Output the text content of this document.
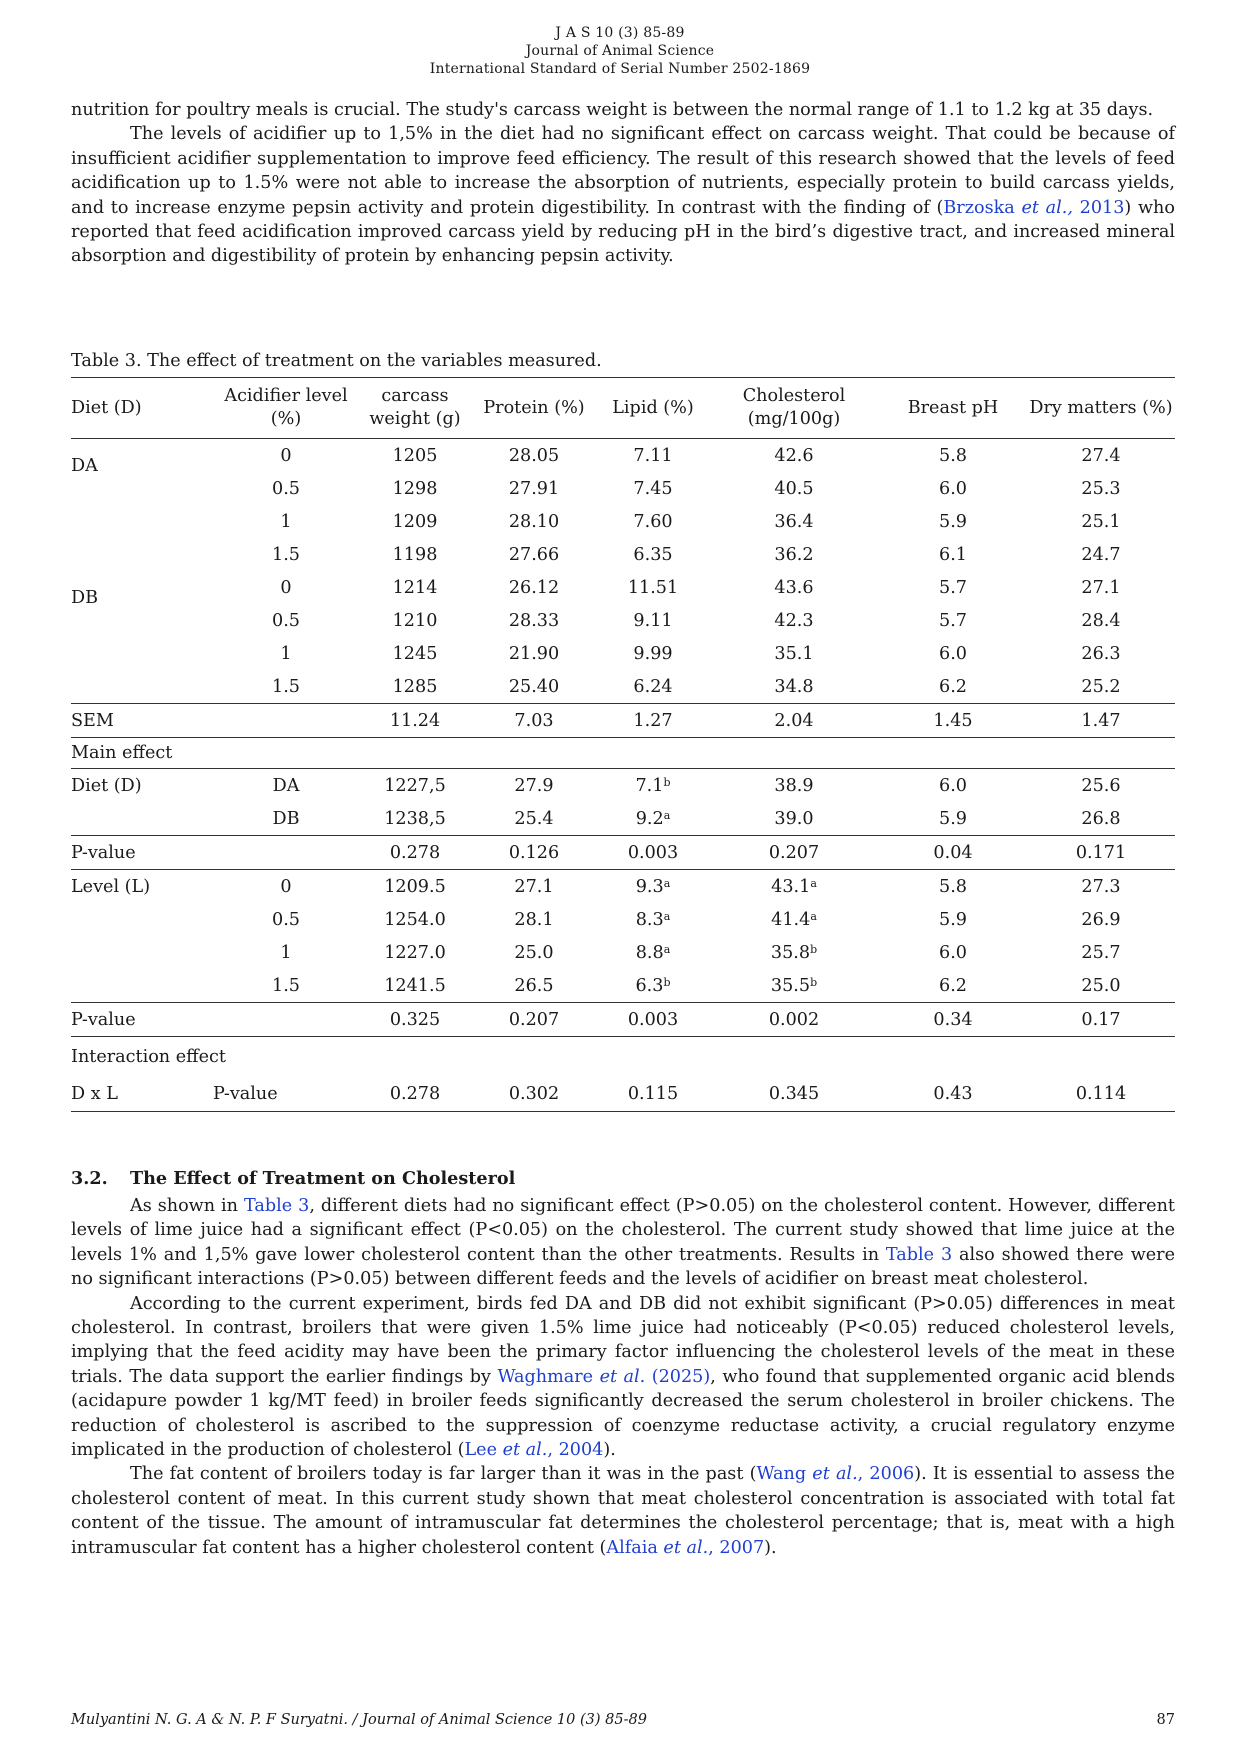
J A S 10 (3) 85-89
Journal of Animal Science
International Standard of Serial Number 2502-1869

nutrition for poultry meals is crucial. The study's carcass weight is between the normal range of 1.1 to 1.2 kg at 35 days.

The levels of acidifier up to 1,5% in the diet had no significant effect on carcass weight. That could be because of insufficient acidifier supplementation to improve feed efficiency. The result of this research showed that the levels of feed acidification up to 1.5% were not able to increase the absorption of nutrients, especially protein to build carcass yields, and to increase enzyme pepsin activity and protein digestibility. In contrast with the finding of (Brzoska et al., 2013) who reported that feed acidification improved carcass yield by reducing pH in the bird’s digestive tract, and increased mineral absorption and digestibility of protein by enhancing pepsin activity.

Table 3. The effect of treatment on the variables measured.
Diet (D)	Acidifier level (%)	carcass weight (g)	Protein (%)	Lipid (%)	Cholesterol (mg/100g)	Breast pH	Dry matters (%)
DA	0	1205	28.05	7.11	42.6	5.8	27.4
	0.5	1298	27.91	7.45	40.5	6.0	25.3
	1	1209	28.10	7.60	36.4	5.9	25.1
	1.5	1198	27.66	6.35	36.2	6.1	24.7
DB	0	1214	26.12	11.51	43.6	5.7	27.1
	0.5	1210	28.33	9.11	42.3	5.7	28.4
	1	1245	21.90	9.99	35.1	6.0	26.3
	1.5	1285	25.40	6.24	34.8	6.2	25.2
SEM		11.24	7.03	1.27	2.04	1.45	1.47
Main effect							
Diet (D)	DA	1227,5	27.9	7.1$^b$	38.9	6.0	25.6
	DB	1238,5	25.4	9.2$^a$	39.0	5.9	26.8
P-value		0.278	0.126	0.003	0.207	0.04	0.171
Level (L)	0	1209.5	27.1	9.3$^a$	43.1$^a$	5.8	27.3
	0.5	1254.0	28.1	8.3$^a$	41.4$^a$	5.9	26.9
	1	1227.0	25.0	8.8$^a$	35.8$^b$	6.0	25.7
	1.5	1241.5	26.5	6.3$^b$	35.5$^b$	6.2	25.0
P-value		0.325	0.207	0.003	0.002	0.34	0.17
Interaction effect							
D x L	P-value	0.278	0.302	0.115	0.345	0.43	0.114
3.2. The Effect of Treatment on Cholesterol

As shown in Table 3, different diets had no significant effect (P>0.05) on the cholesterol content. However, different levels of lime juice had a significant effect (P<0.05) on the cholesterol. The current study showed that lime juice at the levels 1% and 1,5% gave lower cholesterol content than the other treatments. Results in Table 3 also showed there were no significant interactions (P>0.05) between different feeds and the levels of acidifier on breast meat cholesterol.

According to the current experiment, birds fed DA and DB did not exhibit significant (P>0.05) differences in meat cholesterol. In contrast, broilers that were given 1.5% lime juice had noticeably (P<0.05) reduced cholesterol levels, implying that the feed acidity may have been the primary factor influencing the cholesterol levels of the meat in these trials. The data support the earlier findings by Waghmare et al. (2025), who found that supplemented organic acid blends (acidapure powder 1 kg/MT feed) in broiler feeds significantly decreased the serum cholesterol in broiler chickens. The reduction of cholesterol is ascribed to the suppression of coenzyme reductase activity, a crucial regulatory enzyme implicated in the production of cholesterol (Lee et al., 2004).

The fat content of broilers today is far larger than it was in the past (Wang et al., 2006). It is essential to assess the cholesterol content of meat. In this current study shown that meat cholesterol concentration is associated with total fat content of the tissue. The amount of intramuscular fat determines the cholesterol percentage; that is, meat with a high intramuscular fat content has a higher cholesterol content (Alfaia et al., 2007).

Mulyantini N. G. A & N. P. F Suryatni. / Journal of Animal Science 10 (3) 85-89	87
